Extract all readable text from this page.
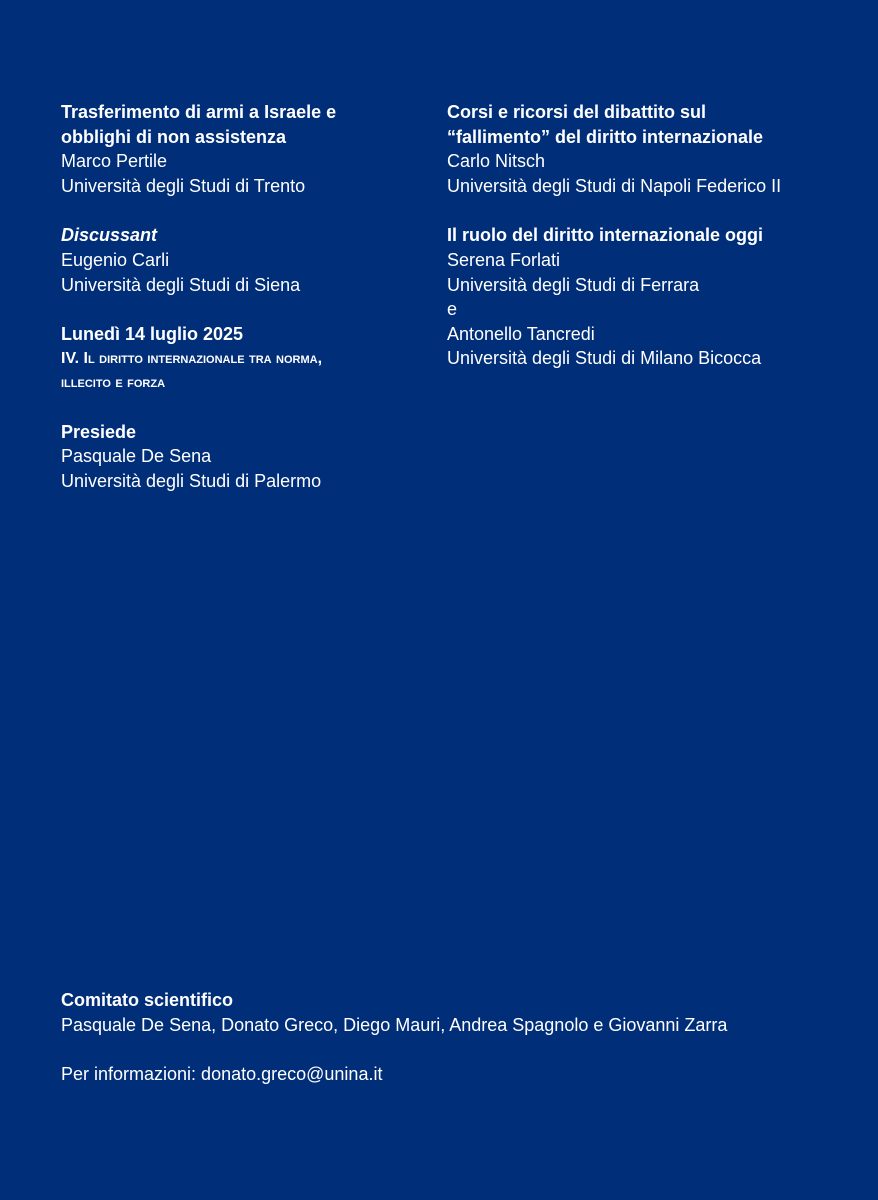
Trasferimento di armi a Israele e
obblighi di non assistenza
Marco Pertile
Università degli Studi di Trento
Discussant
Eugenio Carli
Università degli Studi di Siena
Lunedì 14 luglio 2025
IV. Il diritto internazionale tra norma,
illecito e forza
Presiede
Pasquale De Sena
Università degli Studi di Palermo
Corsi e ricorsi del dibattito sul
“fallimento” del diritto internazionale
Carlo Nitsch
Università degli Studi di Napoli Federico II
Il ruolo del diritto internazionale oggi
Serena Forlati
Università degli Studi di Ferrara
e
Antonello Tancredi
Università degli Studi di Milano Bicocca
Comitato scientifico
Pasquale De Sena, Donato Greco, Diego Mauri, Andrea Spagnolo e Giovanni Zarra
Per informazioni: donato.greco@unina.it
